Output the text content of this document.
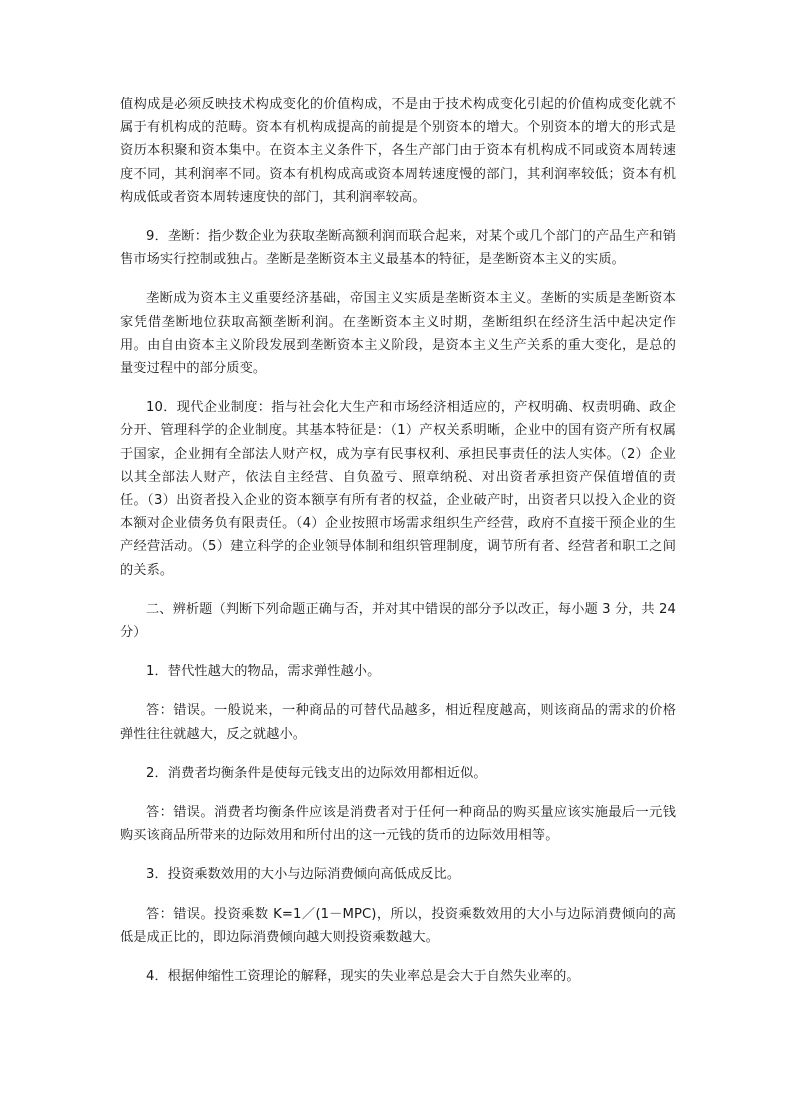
值构成是必须反映技术构成变化的价值构成，不是由于技术构成变化引起的价值构成变化就不属于有机构成的范畴。资本有机构成提高的前提是个别资本的增大。个别资本的增大的形式是资历本积聚和资本集中。在资本主义条件下，各生产部门由于资本有机构成不同或资本周转速度不同，其利润率不同。资本有机构成高或资本周转速度慢的部门，其利润率较低；资本有机构成低或者资本周转速度快的部门，其利润率较高。

9．垄断：指少数企业为获取垄断高额利润而联合起来，对某个或几个部门的产品生产和销售市场实行控制或独占。垄断是垄断资本主义最基本的特征，是垄断资本主义的实质。

垄断成为资本主义重要经济基础，帝国主义实质是垄断资本主义。垄断的实质是垄断资本家凭借垄断地位获取高额垄断利润。在垄断资本主义时期，垄断组织在经济生活中起决定作用。由自由资本主义阶段发展到垄断资本主义阶段，是资本主义生产关系的重大变化，是总的量变过程中的部分质变。

10．现代企业制度：指与社会化大生产和市场经济相适应的，产权明确、权责明确、政企分开、管理科学的企业制度。其基本特征是：（1）产权关系明晰，企业中的国有资产所有权属于国家，企业拥有全部法人财产权，成为享有民事权利、承担民事责任的法人实体。（2）企业以其全部法人财产，依法自主经营、自负盈亏、照章纳税、对出资者承担资产保值增值的责任。（3）出资者投入企业的资本额享有所有者的权益，企业破产时，出资者只以投入企业的资本额对企业债务负有限责任。（4）企业按照市场需求组织生产经营，政府不直接干预企业的生产经营活动。（5）建立科学的企业领导体制和组织管理制度，调节所有者、经营者和职工之间的关系。

二、辨析题（判断下列命题正确与否，并对其中错误的部分予以改正，每小题 3 分，共 24 分）

1．替代性越大的物品，需求弹性越小。

答：错误。一般说来，一种商品的可替代品越多，相近程度越高，则该商品的需求的价格弹性往往就越大，反之就越小。

2．消费者均衡条件是使每元钱支出的边际效用都相近似。

答：错误。消费者均衡条件应该是消费者对于任何一种商品的购买量应该实施最后一元钱购买该商品所带来的边际效用和所付出的这一元钱的货币的边际效用相等。

3．投资乘数效用的大小与边际消费倾向高低成反比。

答：错误。投资乘数 K=1／(1－MPC)，所以，投资乘数效用的大小与边际消费倾向的高低是成正比的，即边际消费倾向越大则投资乘数越大。

4．根据伸缩性工资理论的解释，现实的失业率总是会大于自然失业率的。
